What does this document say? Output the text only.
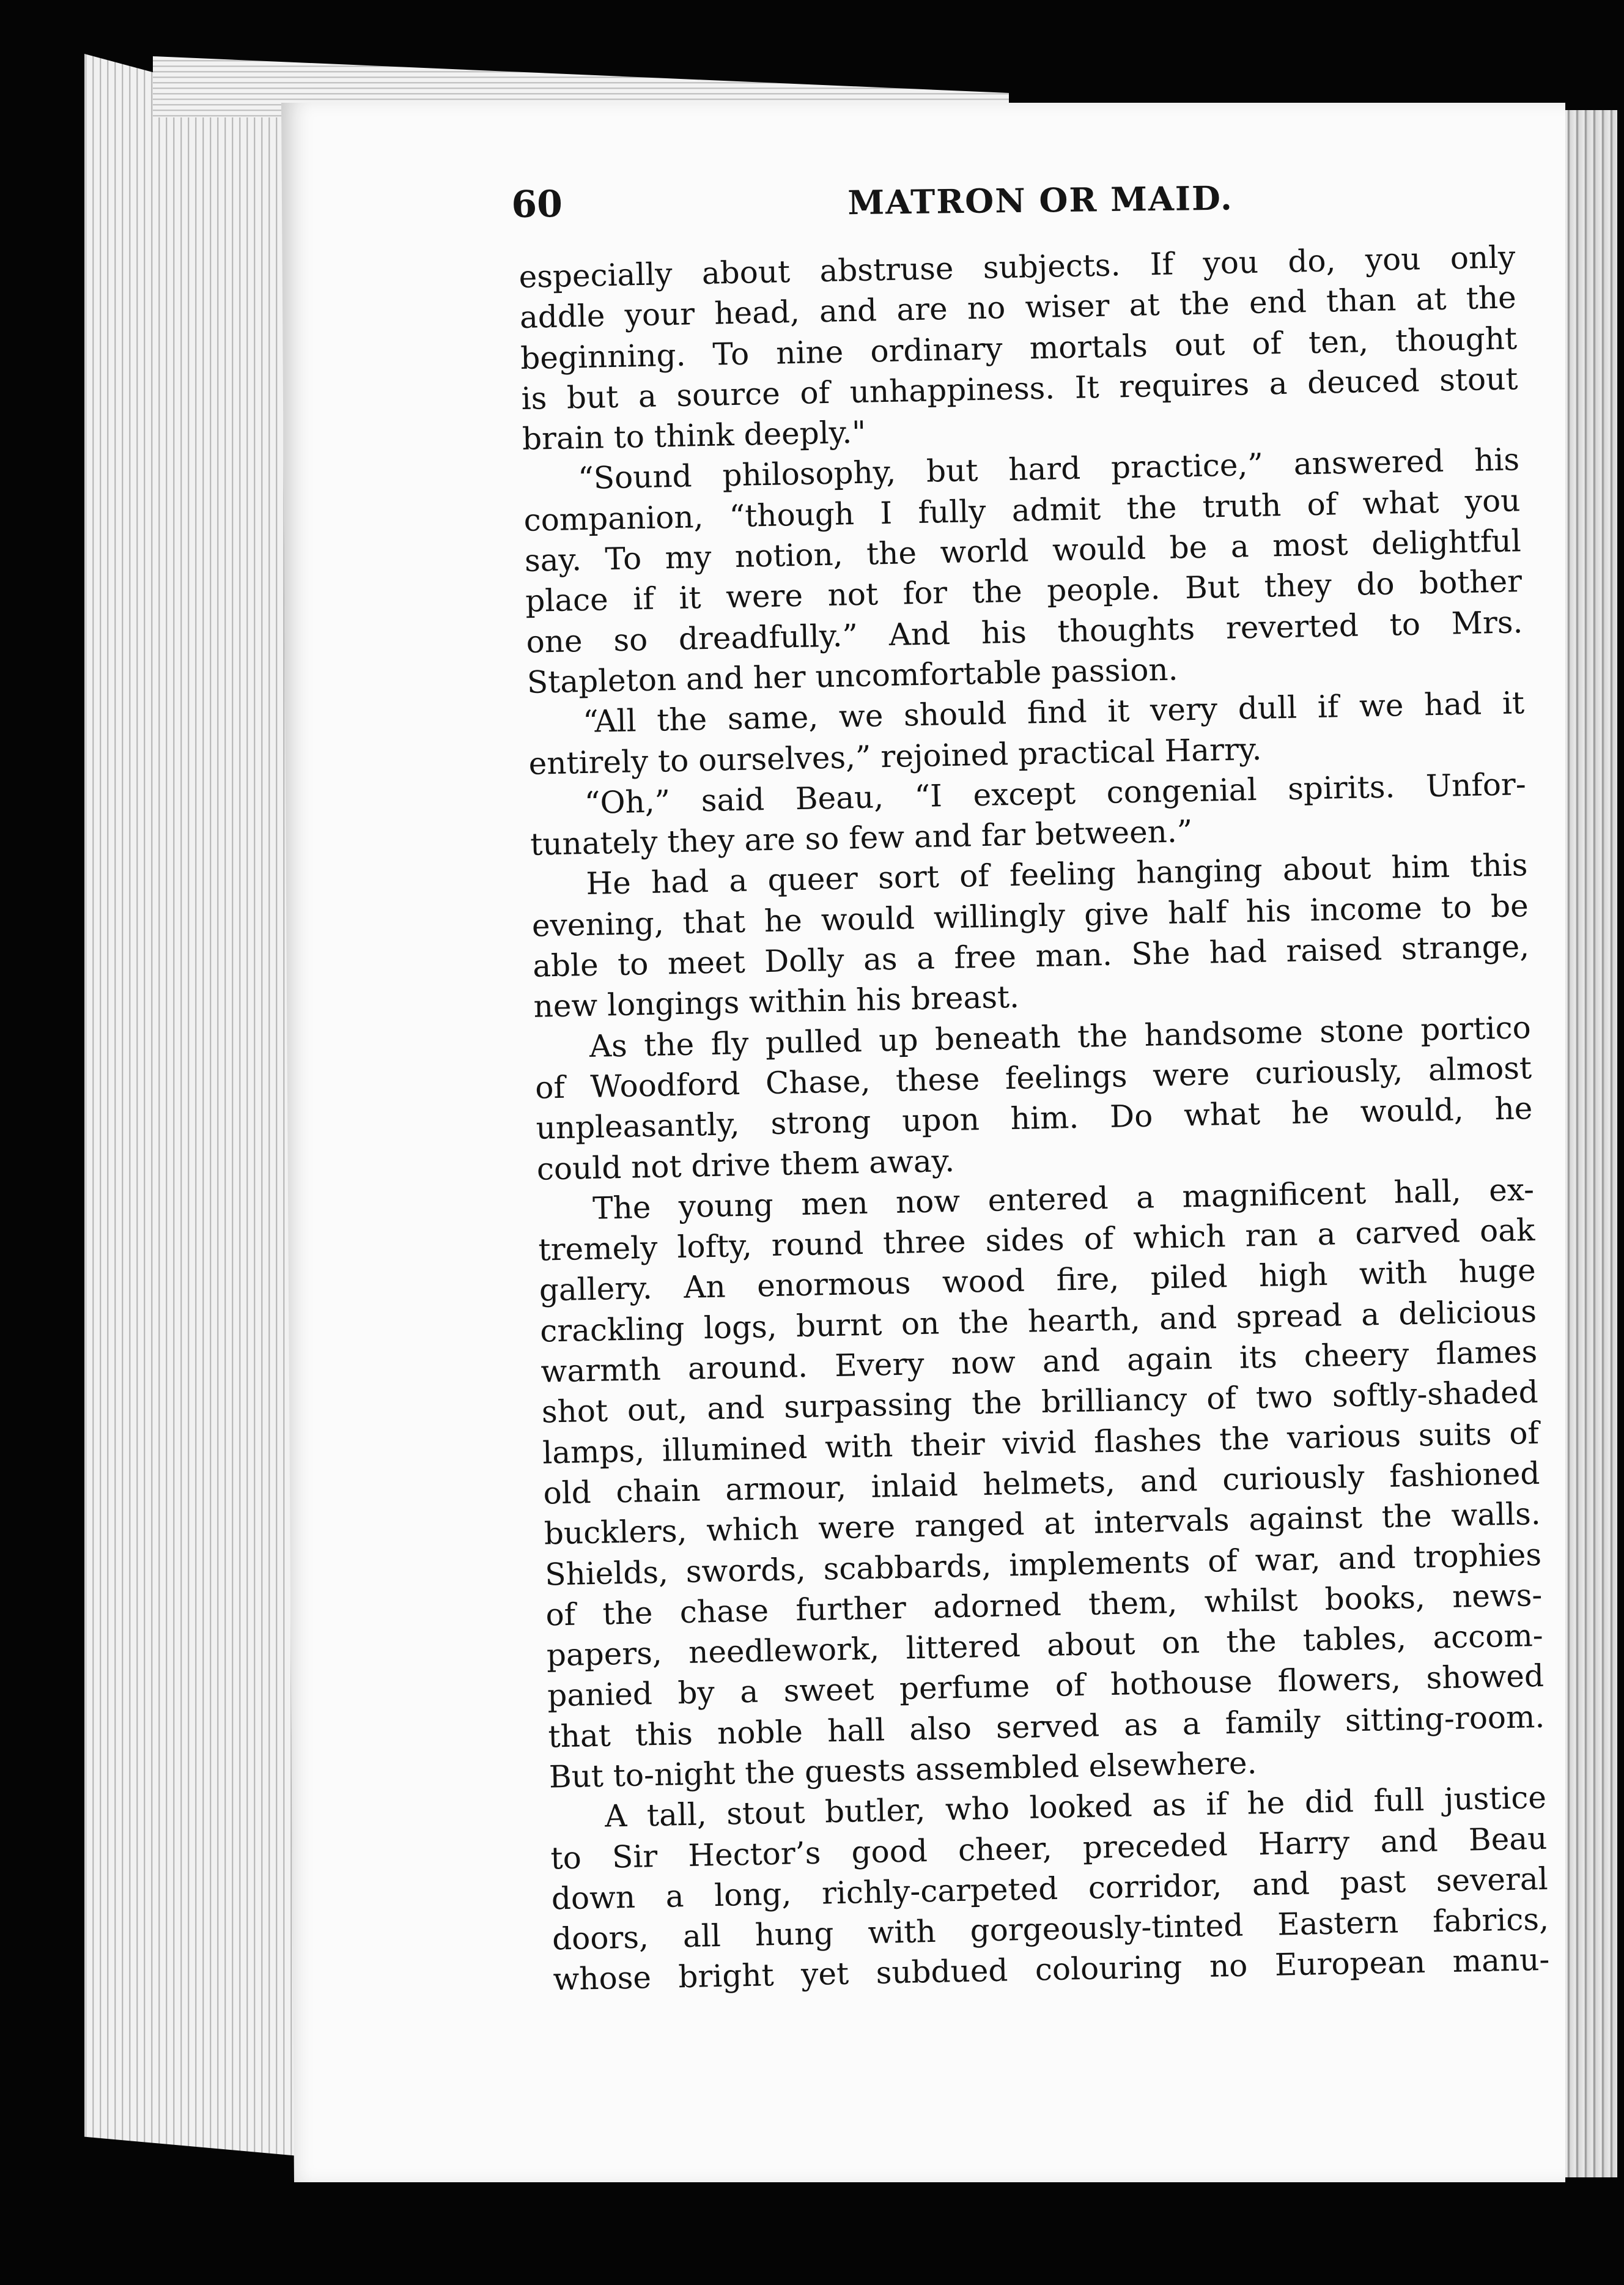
60	MATRON OR MAID.
especially about abstruse subjects. If you do, you only
addle your head, and are no wiser at the end than at the
beginning. To nine ordinary mortals out of ten, thought
is but a source of unhappiness. It requires a deuced stout
brain to think deeply."
“Sound philosophy, but hard practice,” answered his
companion, “though I fully admit the truth of what you
say. To my notion, the world would be a most delightful
place if it were not for the people. But they do bother
one so dreadfully.” And his thoughts reverted to Mrs.
Stapleton and her uncomfortable passion.
“All the same, we should find it very dull if we had it
entirely to ourselves,” rejoined practical Harry.
“Oh,” said Beau, “I except congenial spirits. Unfor-
tunately they are so few and far between.”
He had a queer sort of feeling hanging about him this
evening, that he would willingly give half his income to be
able to meet Dolly as a free man. She had raised strange,
new longings within his breast.
As the fly pulled up beneath the handsome stone portico
of Woodford Chase, these feelings were curiously, almost
unpleasantly, strong upon him. Do what he would, he
could not drive them away.
The young men now entered a magnificent hall, ex-
tremely lofty, round three sides of which ran a carved oak
gallery. An enormous wood fire, piled high with huge
crackling logs, burnt on the hearth, and spread a delicious
warmth around. Every now and again its cheery flames
shot out, and surpassing the brilliancy of two softly-shaded
lamps, illumined with their vivid flashes the various suits of
old chain armour, inlaid helmets, and curiously fashioned
bucklers, which were ranged at intervals against the walls.
Shields, swords, scabbards, implements of war, and trophies
of the chase further adorned them, whilst books, news-
papers, needlework, littered about on the tables, accom-
panied by a sweet perfume of hothouse flowers, showed
that this noble hall also served as a family sitting-room.
But to-night the guests assembled elsewhere.
A tall, stout butler, who looked as if he did full justice
to Sir Hector’s good cheer, preceded Harry and Beau
down a long, richly-carpeted corridor, and past several
doors, all hung with gorgeously-tinted Eastern fabrics,
whose bright yet subdued colouring no European manu-
